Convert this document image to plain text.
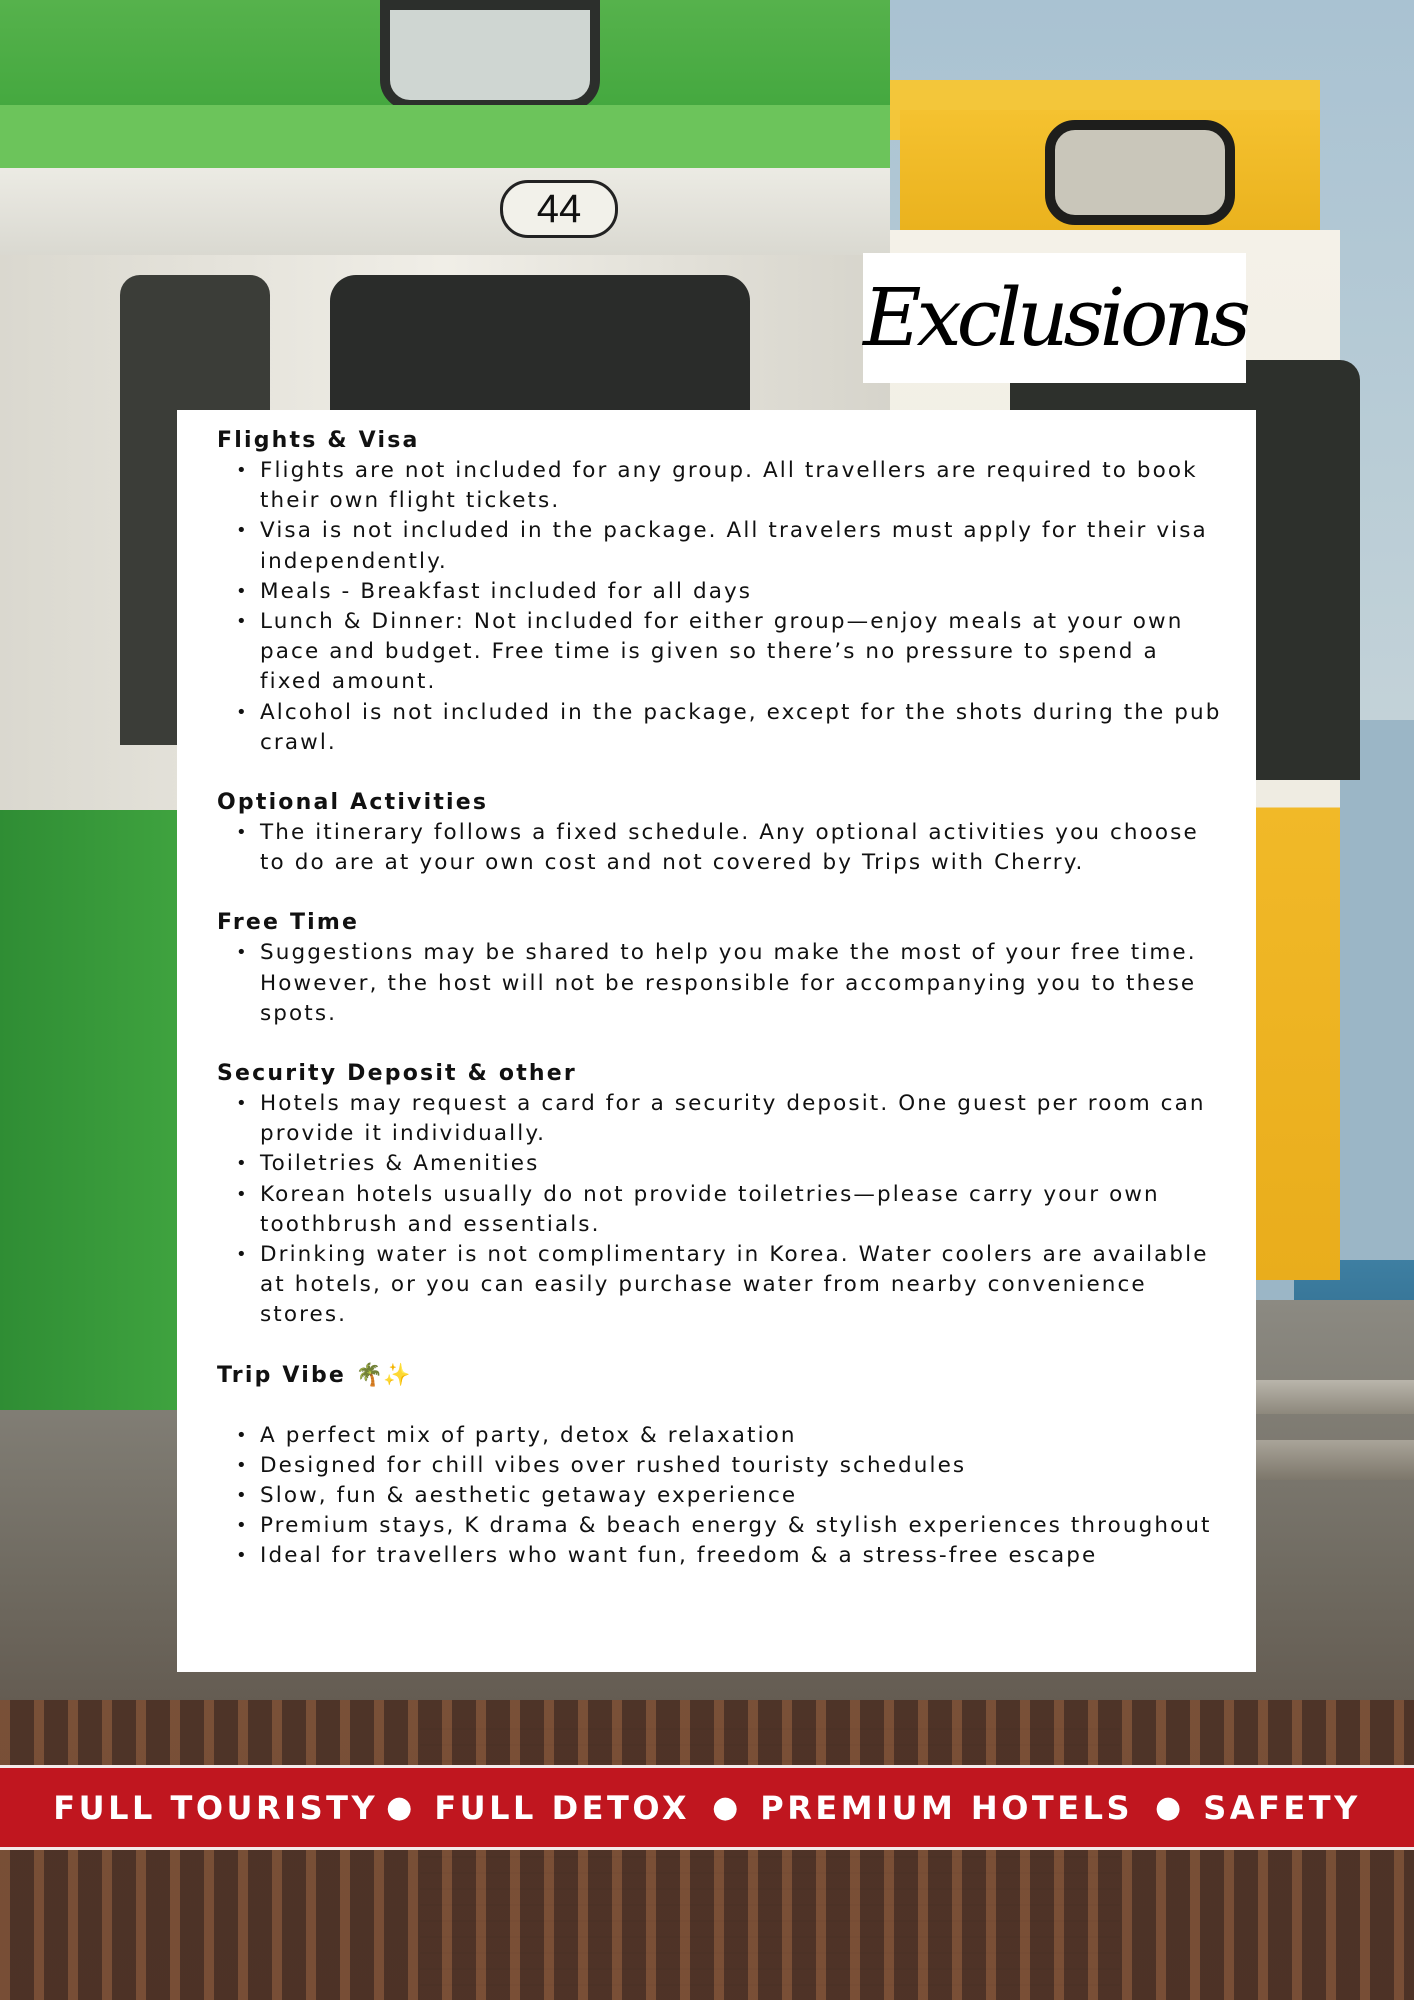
44
Exclusions
Flights & Visa
• Flights are not included for any group. All travellers are required to book their own flight tickets.
• Visa is not included in the package. All travelers must apply for their visa independently.
• Meals - Breakfast included for all days
• Lunch & Dinner: Not included for either group—enjoy meals at your own pace and budget. Free time is given so there’s no pressure to spend a fixed amount.
• Alcohol is not included in the package, except for the shots during the pub crawl.
Optional Activities
• The itinerary follows a fixed schedule. Any optional activities you choose to do are at your own cost and not covered by Trips with Cherry.
Free Time
• Suggestions may be shared to help you make the most of your free time. However, the host will not be responsible for accompanying you to these spots.
Security Deposit & other
• Hotels may request a card for a security deposit. One guest per room can provide it individually.
• Toiletries & Amenities
• Korean hotels usually do not provide toiletries—please carry your own toothbrush and essentials.
• Drinking water is not complimentary in Korea. Water coolers are available at hotels, or you can easily purchase water from nearby convenience stores.
Trip Vibe 🌴✨
• A perfect mix of party, detox & relaxation
• Designed for chill vibes over rushed touristy schedules
• Slow, fun & aesthetic getaway experience
• Premium stays, K drama & beach energy & stylish experiences throughout
• Ideal for travellers who want fun, freedom & a stress-free escape
FULL TOURISTY ● FULL DETOX ● PREMIUM HOTELS ● SAFETY
